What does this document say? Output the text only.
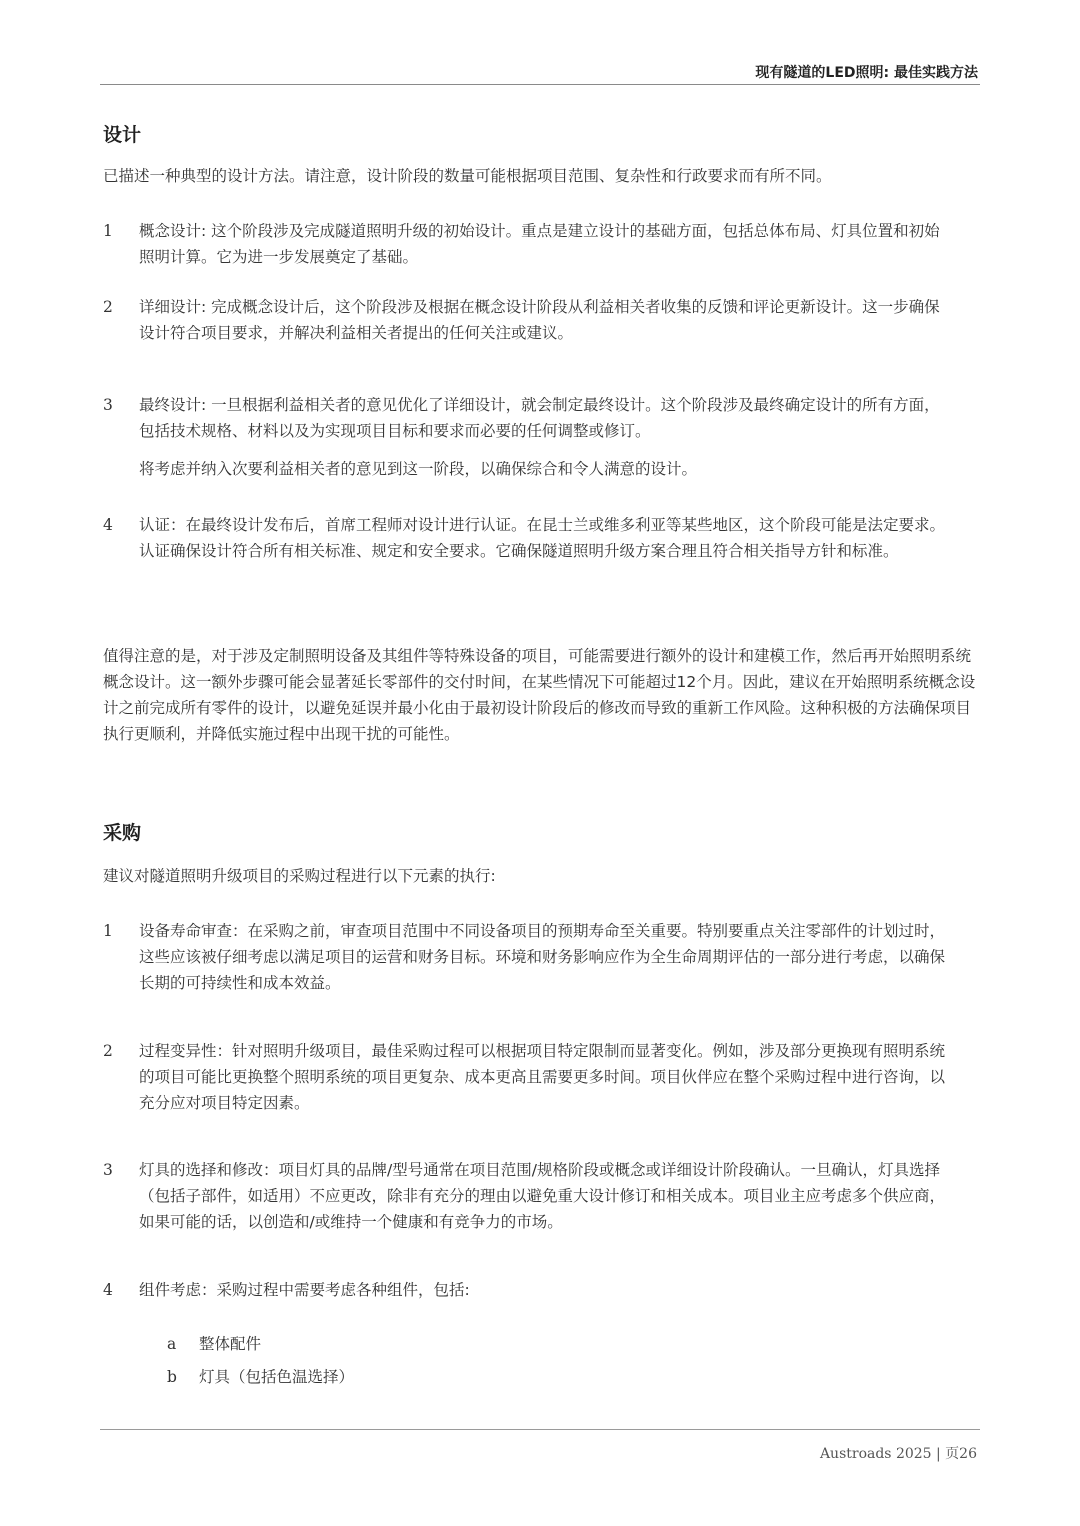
现有隧道的LED照明: 最佳实践方法
设计
已描述一种典型的设计方法。请注意，设计阶段的数量可能根据项目范围、复杂性和行政要求而有所不同。
1	概念设计: 这个阶段涉及完成隧道照明升级的初始设计。重点是建立设计的基础方面，包括总体布局、灯具位置和初始照明计算。它为进一步发展奠定了基础。

2	详细设计: 完成概念设计后，这个阶段涉及根据在概念设计阶段从利益相关者收集的反馈和评论更新设计。这一步确保设计符合项目要求，并解决利益相关者提出的任何关注或建议。

3	最终设计: 一旦根据利益相关者的意见优化了详细设计，就会制定最终设计。这个阶段涉及最终确定设计的所有方面，包括技术规格、材料以及为实现项目目标和要求而必要的任何调整或修订。

将考虑并纳入次要利益相关者的意见到这一阶段，以确保综合和令人满意的设计。

4	认证：在最终设计发布后，首席工程师对设计进行认证。在昆士兰或维多利亚等某些地区，这个阶段可能是法定要求。认证确保设计符合所有相关标准、规定和安全要求。它确保隧道照明升级方案合理且符合相关指导方针和标准。

值得注意的是，对于涉及定制照明设备及其组件等特殊设备的项目，可能需要进行额外的设计和建模工作，然后再开始照明系统概念设计。这一额外步骤可能会显著延长零部件的交付时间，在某些情况下可能超过12个月。因此，建议在开始照明系统概念设计之前完成所有零件的设计，以避免延误并最小化由于最初设计阶段后的修改而导致的重新工作风险。这种积极的方法确保项目执行更顺利，并降低实施过程中出现干扰的可能性。
采购
建议对隧道照明升级项目的采购过程进行以下元素的执行:
1	设备寿命审查：在采购之前，审查项目范围中不同设备项目的预期寿命至关重要。特别要重点关注零部件的计划过时，这些应该被仔细考虑以满足项目的运营和财务目标。环境和财务影响应作为全生命周期评估的一部分进行考虑，以确保长期的可持续性和成本效益。

2	过程变异性：针对照明升级项目，最佳采购过程可以根据项目特定限制而显著变化。例如，涉及部分更换现有照明系统的项目可能比更换整个照明系统的项目更复杂、成本更高且需要更多时间。项目伙伴应在整个采购过程中进行咨询，以充分应对项目特定因素。

3	灯具的选择和修改：项目灯具的品牌/型号通常在项目范围/规格阶段或概念或详细设计阶段确认。一旦确认，灯具选择（包括子部件，如适用）不应更改，除非有充分的理由以避免重大设计修订和相关成本。项目业主应考虑多个供应商，如果可能的话，以创造和/或维持一个健康和有竞争力的市场。

4	组件考虑：采购过程中需要考虑各种组件，包括:

a 整体配件
b 灯具（包括色温选择）
Austroads 2025 | 页26
